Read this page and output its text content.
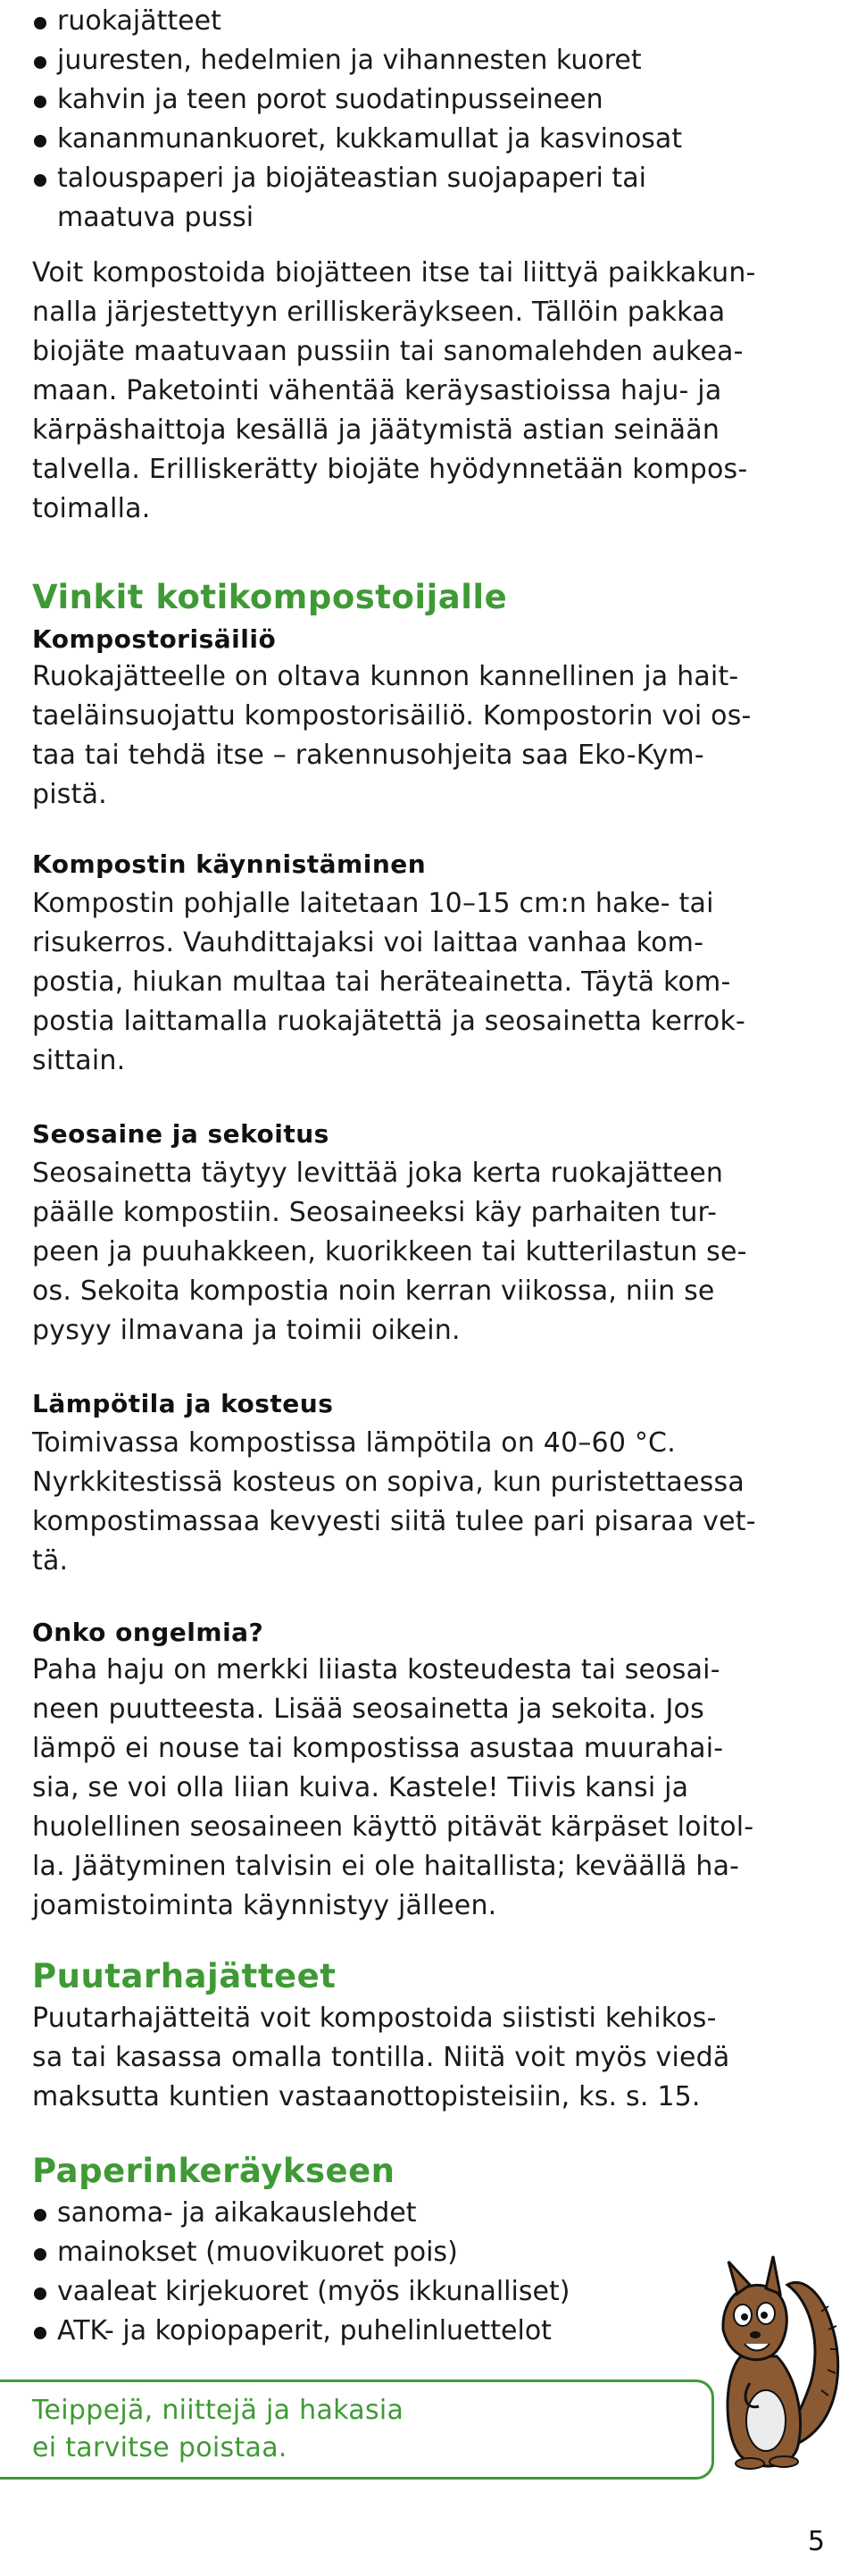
ruokajätteet
juuresten, hedelmien ja vihannesten kuoret
kahvin ja teen porot suodatinpusseineen
kananmunankuoret, kukkamullat ja kasvinosat
talouspaperi ja biojäteastian suojapaperi tai
maatuva pussi

Voit kompostoida biojätteen itse tai liittyä paikkakun-

nalla järjestettyyn erilliskeräykseen. Tällöin pakkaa

biojäte maatuvaan pussiin tai sanomalehden aukea-

maan. Paketointi vähentää keräysastioissa haju- ja

kärpäshaittoja kesällä ja jäätymistä astian seinään

talvella. Erilliskerätty biojäte hyödynnetään kompos-

toimalla.

Vinkit kotikompostoijalle
Kompostorisäiliö

Ruokajätteelle on oltava kunnon kannellinen ja hait-

taeläinsuojattu kompostorisäiliö. Kompostorin voi os-

taa tai tehdä itse – rakennusohjeita saa Eko-Kym-

pistä.

Kompostin käynnistäminen

Kompostin pohjalle laitetaan 10–15 cm:n hake- tai

risukerros. Vauhdittajaksi voi laittaa vanhaa kom-

postia, hiukan multaa tai heräteainetta. Täytä kom-

postia laittamalla ruokajätettä ja seosainetta kerrok-

sittain.

Seosaine ja sekoitus

Seosainetta täytyy levittää joka kerta ruokajätteen

päälle kompostiin. Seosaineeksi käy parhaiten tur-

peen ja puuhakkeen, kuorikkeen tai kutterilastun se-

os. Sekoita kompostia noin kerran viikossa, niin se

pysyy ilmavana ja toimii oikein.

Lämpötila ja kosteus

Toimivassa kompostissa lämpötila on 40–60 °C.

Nyrkkitestissä kosteus on sopiva, kun puristettaessa

kompostimassaa kevyesti siitä tulee pari pisaraa vet-

tä.

Onko ongelmia?

Paha haju on merkki liiasta kosteudesta tai seosai-

neen puutteesta. Lisää seosainetta ja sekoita. Jos

lämpö ei nouse tai kompostissa asustaa muurahai-

sia, se voi olla liian kuiva. Kastele! Tiivis kansi ja

huolellinen seosaineen käyttö pitävät kärpäset loitol-

la. Jäätyminen talvisin ei ole haitallista; keväällä ha-

joamistoiminta käynnistyy jälleen.

Puutarhajätteet

Puutarhajätteitä voit kompostoida siististi kehikos-

sa tai kasassa omalla tontilla. Niitä voit myös viedä

maksutta kuntien vastaanottopisteisiin, ks. s. 15.

Paperinkeräykseen
sanoma- ja aikakauslehdet
mainokset (muovikuoret pois)
vaaleat kirjekuoret (myös ikkunalliset)
ATK- ja kopiopaperit, puhelinluettelot
Teippejä, niittejä ja hakasia
ei tarvitse poistaa.
5
